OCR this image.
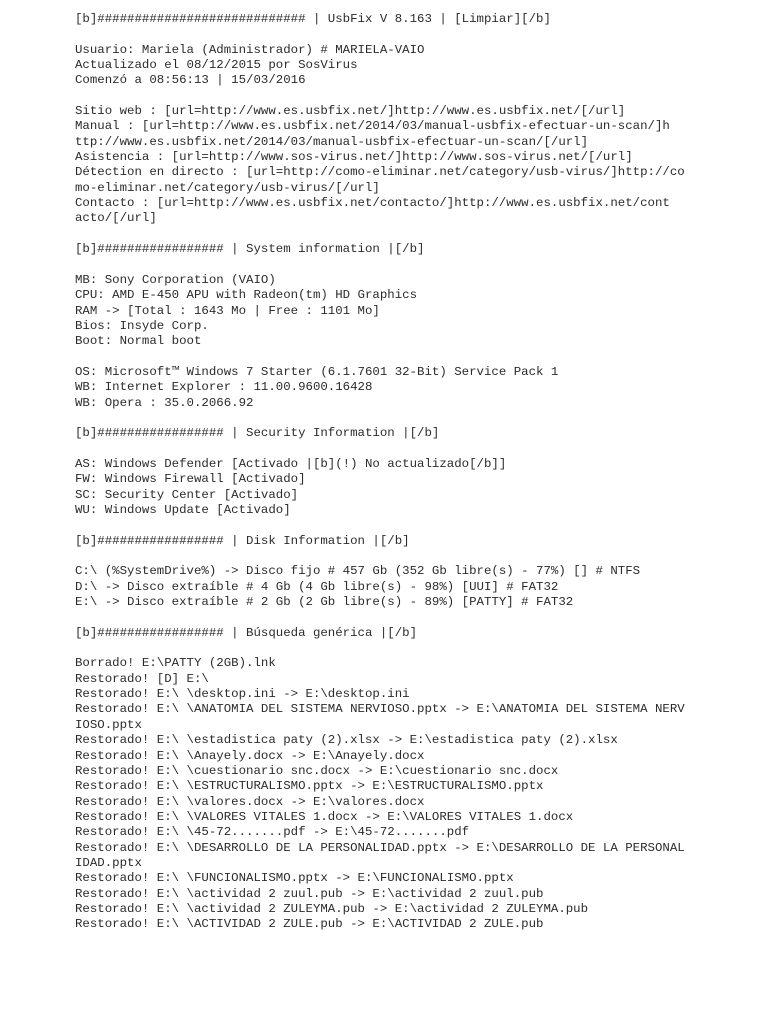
[b]############################ | UsbFix V 8.163 | [Limpiar][/b]
Usuario: Mariela (Administrador) # MARIELA-VAIO
Actualizado el 08/12/2015 por SosVirus
Comenzó a 08:56:13 | 15/03/2016
Sitio web : [url=http://www.es.usbfix.net/]http://www.es.usbfix.net/[/url]
Manual : [url=http://www.es.usbfix.net/2014/03/manual-usbfix-efectuar-un-scan/]h
ttp://www.es.usbfix.net/2014/03/manual-usbfix-efectuar-un-scan/[/url]
Asistencia : [url=http://www.sos-virus.net/]http://www.sos-virus.net/[/url]
Détection en directo : [url=http://como-eliminar.net/category/usb-virus/]http://co
mo-eliminar.net/category/usb-virus/[/url]
Contacto : [url=http://www.es.usbfix.net/contacto/]http://www.es.usbfix.net/cont
acto/[/url]
[b]################# | System information |[/b]
MB: Sony Corporation (VAIO)
CPU: AMD E-450 APU with Radeon(tm) HD Graphics
RAM -> [Total : 1643 Mo | Free : 1101 Mo]
Bios: Insyde Corp.
Boot: Normal boot
OS: Microsoft™ Windows 7 Starter (6.1.7601 32-Bit) Service Pack 1
WB: Internet Explorer : 11.00.9600.16428
WB: Opera : 35.0.2066.92
[b]################# | Security Information |[/b]
AS: Windows Defender [Activado |[b](!) No actualizado[/b]]
FW: Windows Firewall [Activado]
SC: Security Center [Activado]
WU: Windows Update [Activado]
[b]################# | Disk Information |[/b]
C:\ (%SystemDrive%) -> Disco fijo # 457 Gb (352 Gb libre(s) - 77%) [] # NTFS
D:\ -> Disco extraíble # 4 Gb (4 Gb libre(s) - 98%) [UUI] # FAT32
E:\ -> Disco extraíble # 2 Gb (2 Gb libre(s) - 89%) [PATTY] # FAT32
[b]################# | Búsqueda genérica |[/b]
Borrado! E:\PATTY (2GB).lnk
Restorado! [D] E:\
Restorado! E:\ \desktop.ini -> E:\desktop.ini
Restorado! E:\ \ANATOMIA DEL SISTEMA NERVIOSO.pptx -> E:\ANATOMIA DEL SISTEMA NERV
IOSO.pptx
Restorado! E:\ \estadistica paty (2).xlsx -> E:\estadistica paty (2).xlsx
Restorado! E:\ \Anayely.docx -> E:\Anayely.docx
Restorado! E:\ \cuestionario snc.docx -> E:\cuestionario snc.docx
Restorado! E:\ \ESTRUCTURALISMO.pptx -> E:\ESTRUCTURALISMO.pptx
Restorado! E:\ \valores.docx -> E:\valores.docx
Restorado! E:\ \VALORES VITALES 1.docx -> E:\VALORES VITALES 1.docx
Restorado! E:\ \45-72.......pdf -> E:\45-72.......pdf
Restorado! E:\ \DESARROLLO DE LA PERSONALIDAD.pptx -> E:\DESARROLLO DE LA PERSONAL
IDAD.pptx
Restorado! E:\ \FUNCIONALISMO.pptx -> E:\FUNCIONALISMO.pptx
Restorado! E:\ \actividad 2 zuul.pub -> E:\actividad 2 zuul.pub
Restorado! E:\ \actividad 2 ZULEYMA.pub -> E:\actividad 2 ZULEYMA.pub
Restorado! E:\ \ACTIVIDAD 2 ZULE.pub -> E:\ACTIVIDAD 2 ZULE.pub
